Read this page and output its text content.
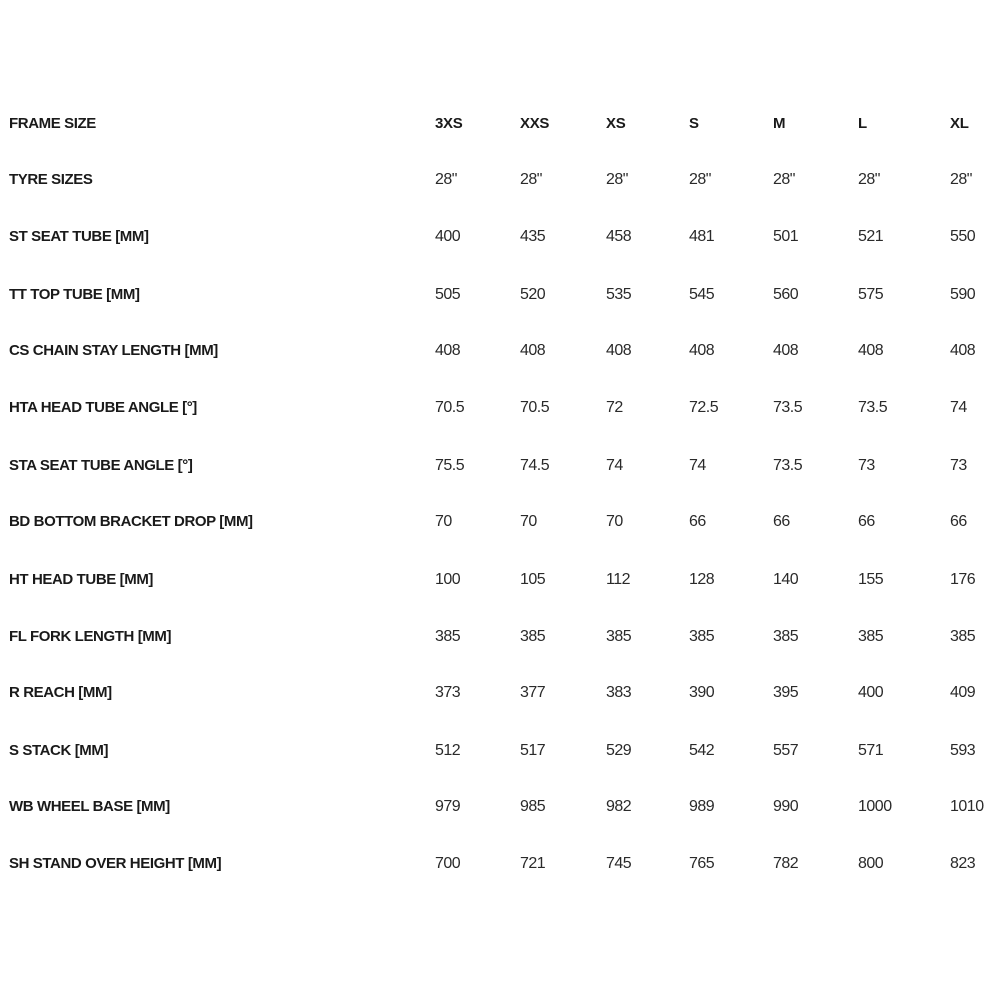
FRAME SIZE	3XS	XXS	XS	S	M	L	XL
TYRE SIZES	28"	28"	28"	28"	28"	28"	28"
ST SEAT TUBE [MM]	400	435	458	481	501	521	550
TT TOP TUBE [MM]	505	520	535	545	560	575	590
CS CHAIN STAY LENGTH [MM]	408	408	408	408	408	408	408
HTA HEAD TUBE ANGLE [°]	70.5	70.5	72	72.5	73.5	73.5	74
STA SEAT TUBE ANGLE [°]	75.5	74.5	74	74	73.5	73	73
BD BOTTOM BRACKET DROP [MM]	70	70	70	66	66	66	66
HT HEAD TUBE [MM]	100	105	112	128	140	155	176
FL FORK LENGTH [MM]	385	385	385	385	385	385	385
R REACH [MM]	373	377	383	390	395	400	409
S STACK [MM]	512	517	529	542	557	571	593
WB WHEEL BASE [MM]	979	985	982	989	990	1000	1010
SH STAND OVER HEIGHT [MM]	700	721	745	765	782	800	823
